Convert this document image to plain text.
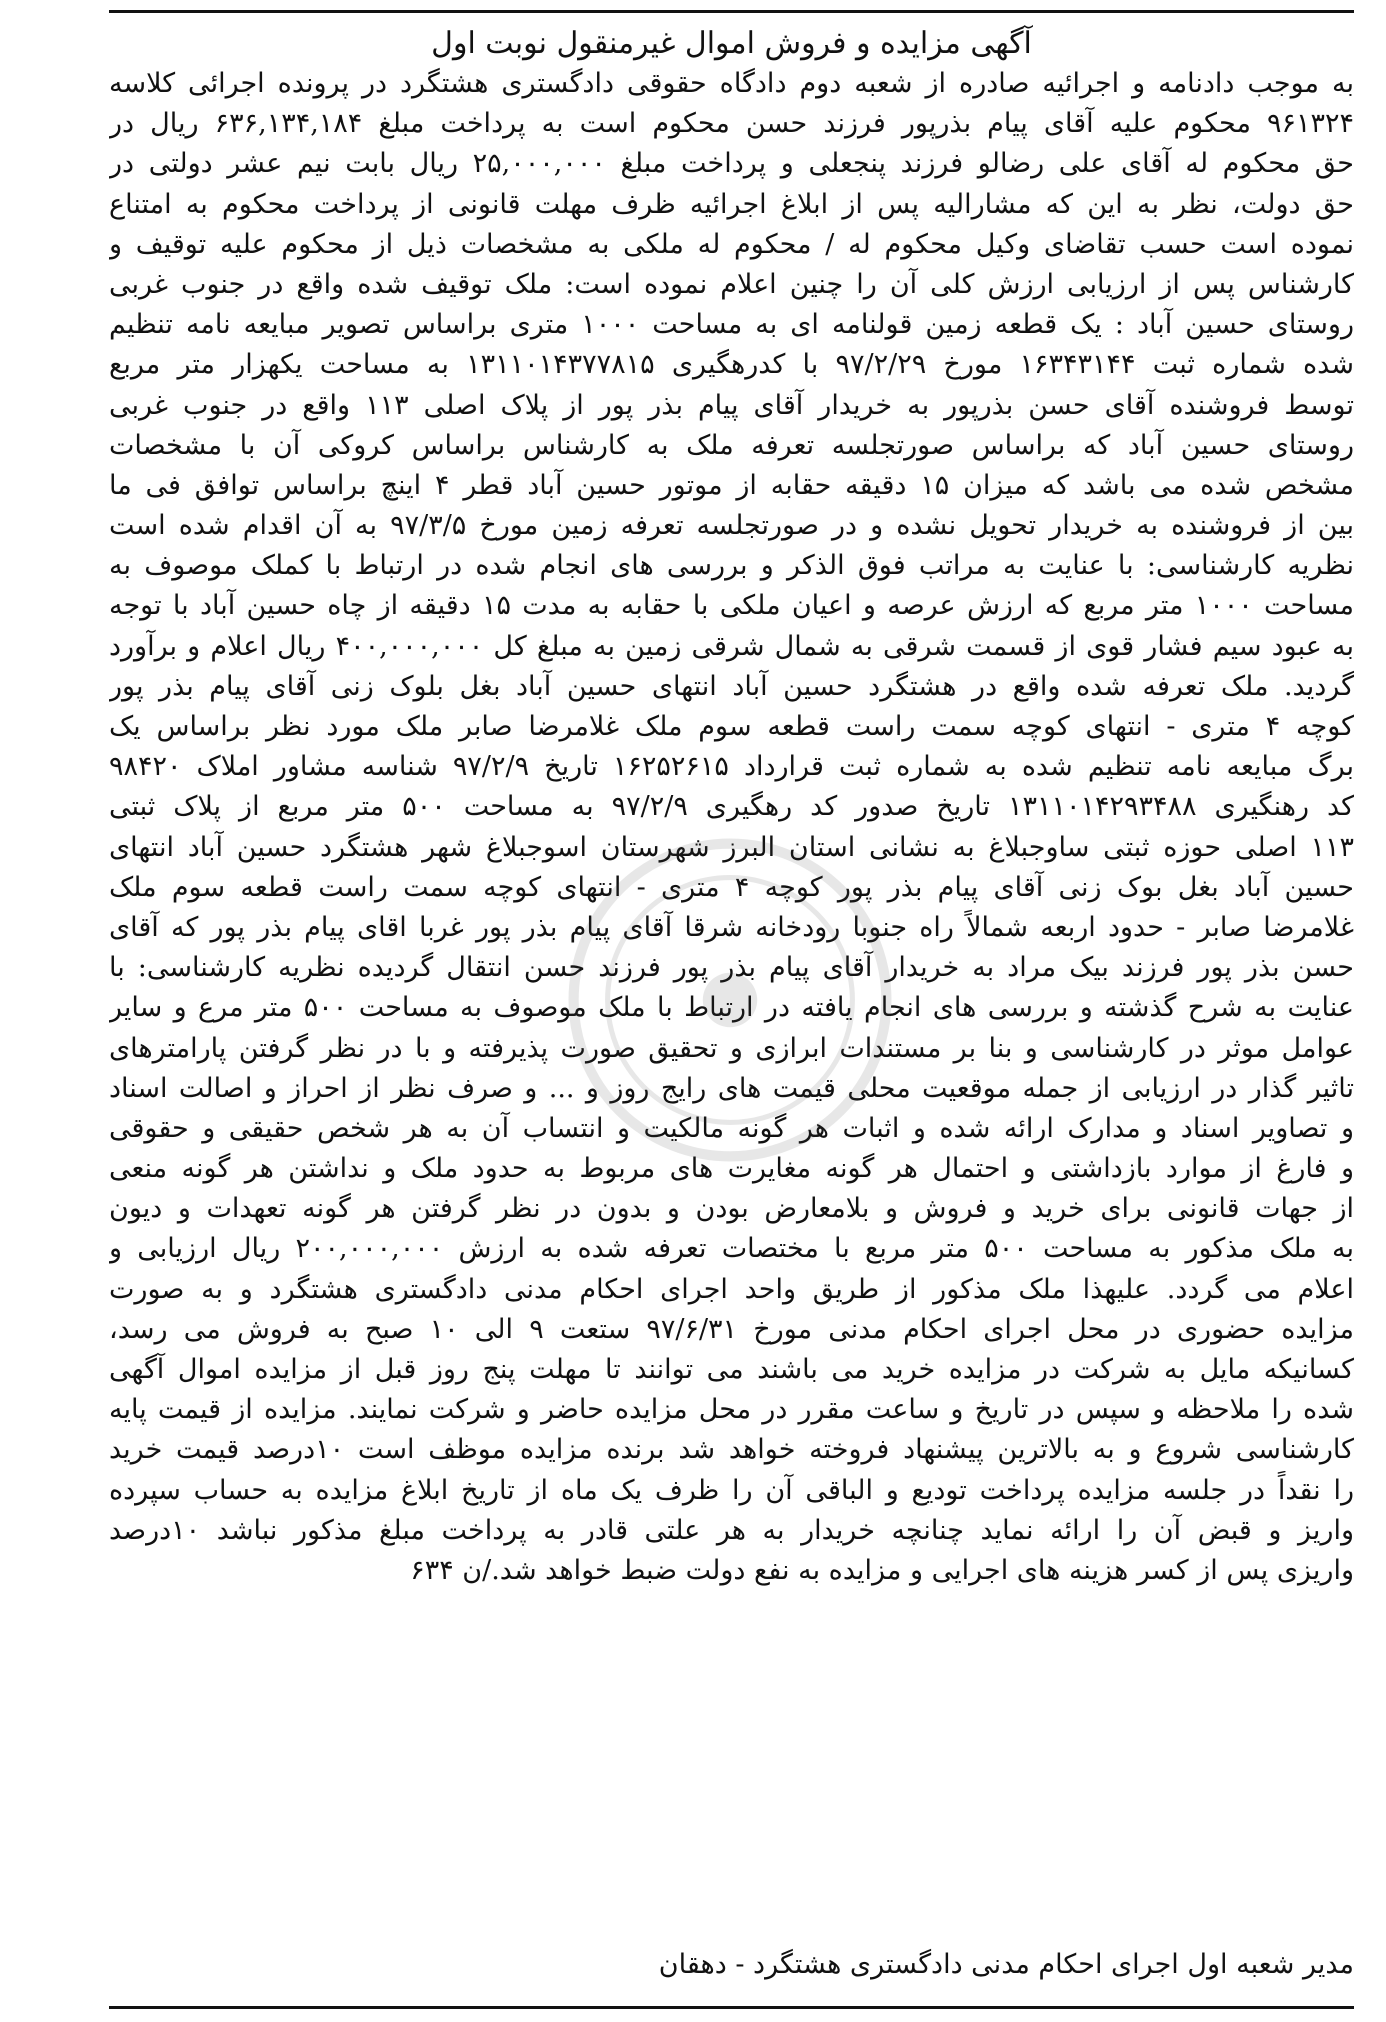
آگهی مزایده و فروش اموال غیرمنقول نوبت اول
به موجب دادنامه و اجرائیه صادره از شعبه دوم دادگاه حقوقی دادگستری هشتگرد در پرونده اجرائی کلاسه
۹۶۱۳۲۴ محکوم علیه آقای پیام بذرپور فرزند حسن محکوم است به پرداخت مبلغ ۶۳۶,۱۳۴,۱۸۴ ریال در
حق محکوم له آقای علی رضالو فرزند پنجعلی و پرداخت مبلغ ۲۵,۰۰۰,۰۰۰ ریال بابت نیم عشر دولتی در
حق دولت، نظر به این که مشارالیه پس از ابلاغ اجرائیه ظرف مهلت قانونی از پرداخت محکوم به امتناع
نموده است حسب تقاضای وکیل محکوم له / محکوم له ملکی به مشخصات ذیل از محکوم علیه توقیف و
کارشناس پس از ارزیابی ارزش کلی آن را چنین اعلام نموده است: ملک توقیف شده واقع در جنوب غربی
روستای حسین آباد : یک قطعه زمین قولنامه ای به مساحت ۱۰۰۰ متری براساس تصویر مبایعه نامه تنظیم
شده شماره ثبت ۱۶۳۴۳۱۴۴ مورخ ۹۷/۲/۲۹ با کدرهگیری ۱۳۱۱۰۱۴۳۷۷۸۱۵ به مساحت یکهزار متر مربع
توسط فروشنده آقای حسن بذرپور به خریدار آقای پیام بذر پور از پلاک اصلی ۱۱۳ واقع در جنوب غربی
روستای حسین آباد که براساس صورتجلسه تعرفه ملک به کارشناس براساس کروکی آن با مشخصات
مشخص شده می باشد که میزان ۱۵ دقیقه حقابه از موتور حسین آباد قطر ۴ اینچ براساس توافق فی ما
بین از فروشنده به خریدار تحویل نشده و در صورتجلسه تعرفه زمین مورخ ۹۷/۳/۵ به آن اقدام شده است
نظریه کارشناسی: با عنایت به مراتب فوق الذکر و بررسی های انجام شده در ارتباط با کملک موصوف به
مساحت ۱۰۰۰ متر مربع که ارزش عرصه و اعیان ملکی با حقابه به مدت ۱۵ دقیقه از چاه حسین آباد با توجه
به عبود سیم فشار قوی از قسمت شرقی به شمال شرقی زمین به مبلغ کل ۴۰۰,۰۰۰,۰۰۰ ریال اعلام و برآورد
گردید. ملک تعرفه شده واقع در هشتگرد حسین آباد انتهای حسین آباد بغل بلوک زنی آقای پیام بذر پور
کوچه ۴ متری - انتهای کوچه سمت راست قطعه سوم ملک غلامرضا صابر ملک مورد نظر براساس یک
برگ مبایعه نامه تنظیم شده به شماره ثبت قرارداد ۱۶۲۵۲۶۱۵ تاریخ ۹۷/۲/۹ شناسه مشاور املاک ۹۸۴۲۰
کد رهنگیری ۱۳۱۱۰۱۴۲۹۳۴۸۸ تاریخ صدور کد رهگیری ۹۷/۲/۹ به مساحت ۵۰۰ متر مربع از پلاک ثبتی
۱۱۳ اصلی حوزه ثبتی ساوجبلاغ به نشانی استان البرز شهرستان اسوجبلاغ شهر هشتگرد حسین آباد انتهای
حسین آباد بغل بوک زنی آقای پیام بذر پور کوچه ۴ متری - انتهای کوچه سمت راست قطعه سوم ملک
غلامرضا صابر - حدود اربعه شمالاً راه جنوبا رودخانه شرقا آقای پیام بذر پور غربا اقای پیام بذر پور که آقای
حسن بذر پور فرزند بیک مراد به خریدار آقای پیام بذر پور فرزند حسن انتقال گردیده نظریه کارشناسی: با
عنایت به شرح گذشته و بررسی های انجام یافته در ارتباط با ملک موصوف به مساحت ۵۰۰ متر مرع و سایر
عوامل موثر در کارشناسی و بنا بر مستندات ابرازی و تحقیق صورت پذیرفته و با در نظر گرفتن پارامترهای
تاثیر گذار در ارزیابی از جمله موقعیت محلی قیمت های رایج روز و ... و صرف نظر از احراز و اصالت اسناد
و تصاویر اسناد و مدارک ارائه شده و اثبات هر گونه مالکیت و انتساب آن به هر شخص حقیقی و حقوقی
و فارغ از موارد بازداشتی و احتمال هر گونه مغایرت های مربوط به حدود ملک و نداشتن هر گونه منعی
از جهات قانونی برای خرید و فروش و بلامعارض بودن و بدون در نظر گرفتن هر گونه تعهدات و دیون
به ملک مذکور به مساحت ۵۰۰ متر مربع با مختصات تعرفه شده به ارزش ۲۰۰,۰۰۰,۰۰۰ ریال ارزیابی و
اعلام می گردد. علیهذا ملک مذکور از طریق واحد اجرای احکام مدنی دادگستری هشتگرد و به صورت
مزایده حضوری در محل اجرای احکام مدنی مورخ ۹۷/۶/۳۱ ستعت ۹ الی ۱۰ صبح به فروش می رسد،
کسانیکه مایل به شرکت در مزایده خرید می باشند می توانند تا مهلت پنج روز قبل از مزایده اموال آگهی
شده را ملاحظه و سپس در تاریخ و ساعت مقرر در محل مزایده حاضر و شرکت نمایند. مزایده از قیمت پایه
کارشناسی شروع و به بالاترین پیشنهاد فروخته خواهد شد برنده مزایده موظف است ۱۰درصد قیمت خرید
را نقداً در جلسه مزایده پرداخت تودیع و الباقی آن را ظرف یک ماه از تاریخ ابلاغ مزایده به حساب سپرده
واریز و قبض آن را ارائه نماید چنانچه خریدار به هر علتی قادر به پرداخت مبلغ مذکور نباشد ۱۰درصد
واریزی پس از کسر هزینه های اجرایی و مزایده به نفع دولت ضبط خواهد شد./ن ۶۳۴
مدیر شعبه اول اجرای احکام مدنی دادگستری هشتگرد - دهقان
